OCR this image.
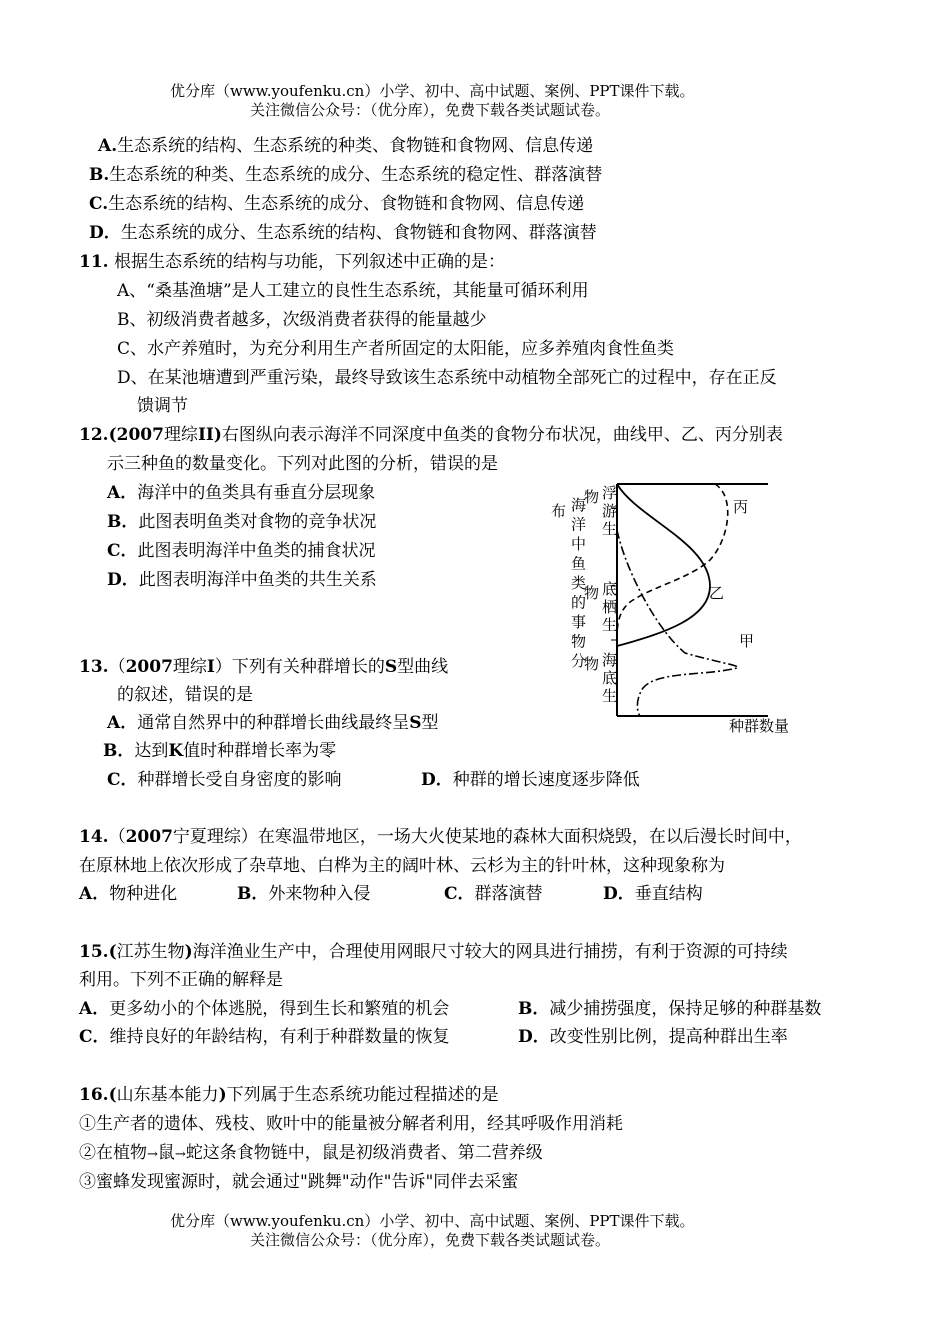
优分库（www.youfenku.cn）小学、初中、高中试题、案例、PPT课件下载。
关注微信公众号：（优分库），免费下载各类试题试卷。
A.生态系统的结构、生态系统的种类、食物链和食物网、信息传递
B.生态系统的种类、生态系统的成分、生态系统的稳定性、群落演替
C.生态系统的结构、生态系统的成分、食物链和食物网、信息传递
D．生态系统的成分、生态系统的结构、食物链和食物网、群落演替
11. 根据生态系统的结构与功能，下列叙述中正确的是：
A、“桑基渔塘”是人工建立的良性生态系统，其能量可循环利用
B、初级消费者越多，次级消费者获得的能量越少
C、水产养殖时，为充分利用生产者所固定的太阳能，应多养殖肉食性鱼类
D、在某池塘遭到严重污染，最终导致该生态系统中动植物全部死亡的过程中，存在正反
馈调节
12.(2007理综II)右图纵向表示海洋不同深度中鱼类的食物分布状况，曲线甲、乙、丙分别表
示三种鱼的数量变化。下列对此图的分析，错误的是
A．海洋中的鱼类具有垂直分层现象
B．此图表明鱼类对食物的竞争状况
C．此图表明海洋中鱼类的捕食状况
D．此图表明海洋中鱼类的共生关系
海
洋
中
鱼
类
的
事
物
分
布
浮
游
生
物
底
栖
生
物
海
底
生
物
丙
乙
甲
种群数量
13.（2007理综I）下列有关种群增长的S型曲线
的叙述，错误的是
A．通常自然界中的种群增长曲线最终呈S型
B．达到K值时种群增长率为零
C．种群增长受自身密度的影响	D．种群的增长速度逐步降低
14.（2007宁夏理综）在寒温带地区，一场大火使某地的森林大面积烧毁，在以后漫长时间中，
在原林地上依次形成了杂草地、白桦为主的阔叶林、云杉为主的针叶林，这种现象称为
A．物种进化	B．外来物种入侵	C．群落演替	D．垂直结构
15.(江苏生物)海洋渔业生产中，合理使用网眼尺寸较大的网具进行捕捞，有利于资源的可持续
利用。下列不正确的解释是
A．更多幼小的个体逃脱，得到生长和繁殖的机会	B．减少捕捞强度，保持足够的种群基数
C．维持良好的年龄结构，有利于种群数量的恢复	D．改变性别比例，提高种群出生率
16.(山东基本能力)下列属于生态系统功能过程描述的是
①生产者的遗体、残枝、败叶中的能量被分解者利用，经其呼吸作用消耗
②在植物→鼠→蛇这条食物链中，鼠是初级消费者、第二营养级
③蜜蜂发现蜜源时，就会通过"跳舞"动作"告诉"同伴去采蜜
优分库（www.youfenku.cn）小学、初中、高中试题、案例、PPT课件下载。
关注微信公众号：（优分库），免费下载各类试题试卷。
